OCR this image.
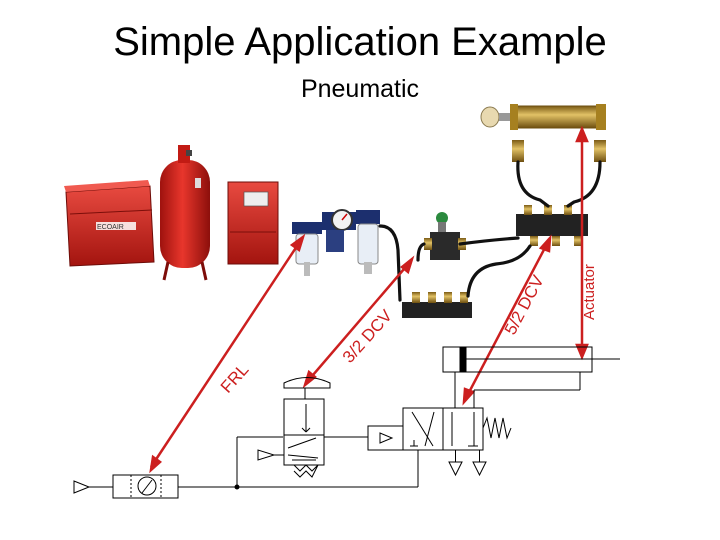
Simple Application Example
Pneumatic
ECOAIR
FRL
3/2 DCV	5/2 DCV Actuator
